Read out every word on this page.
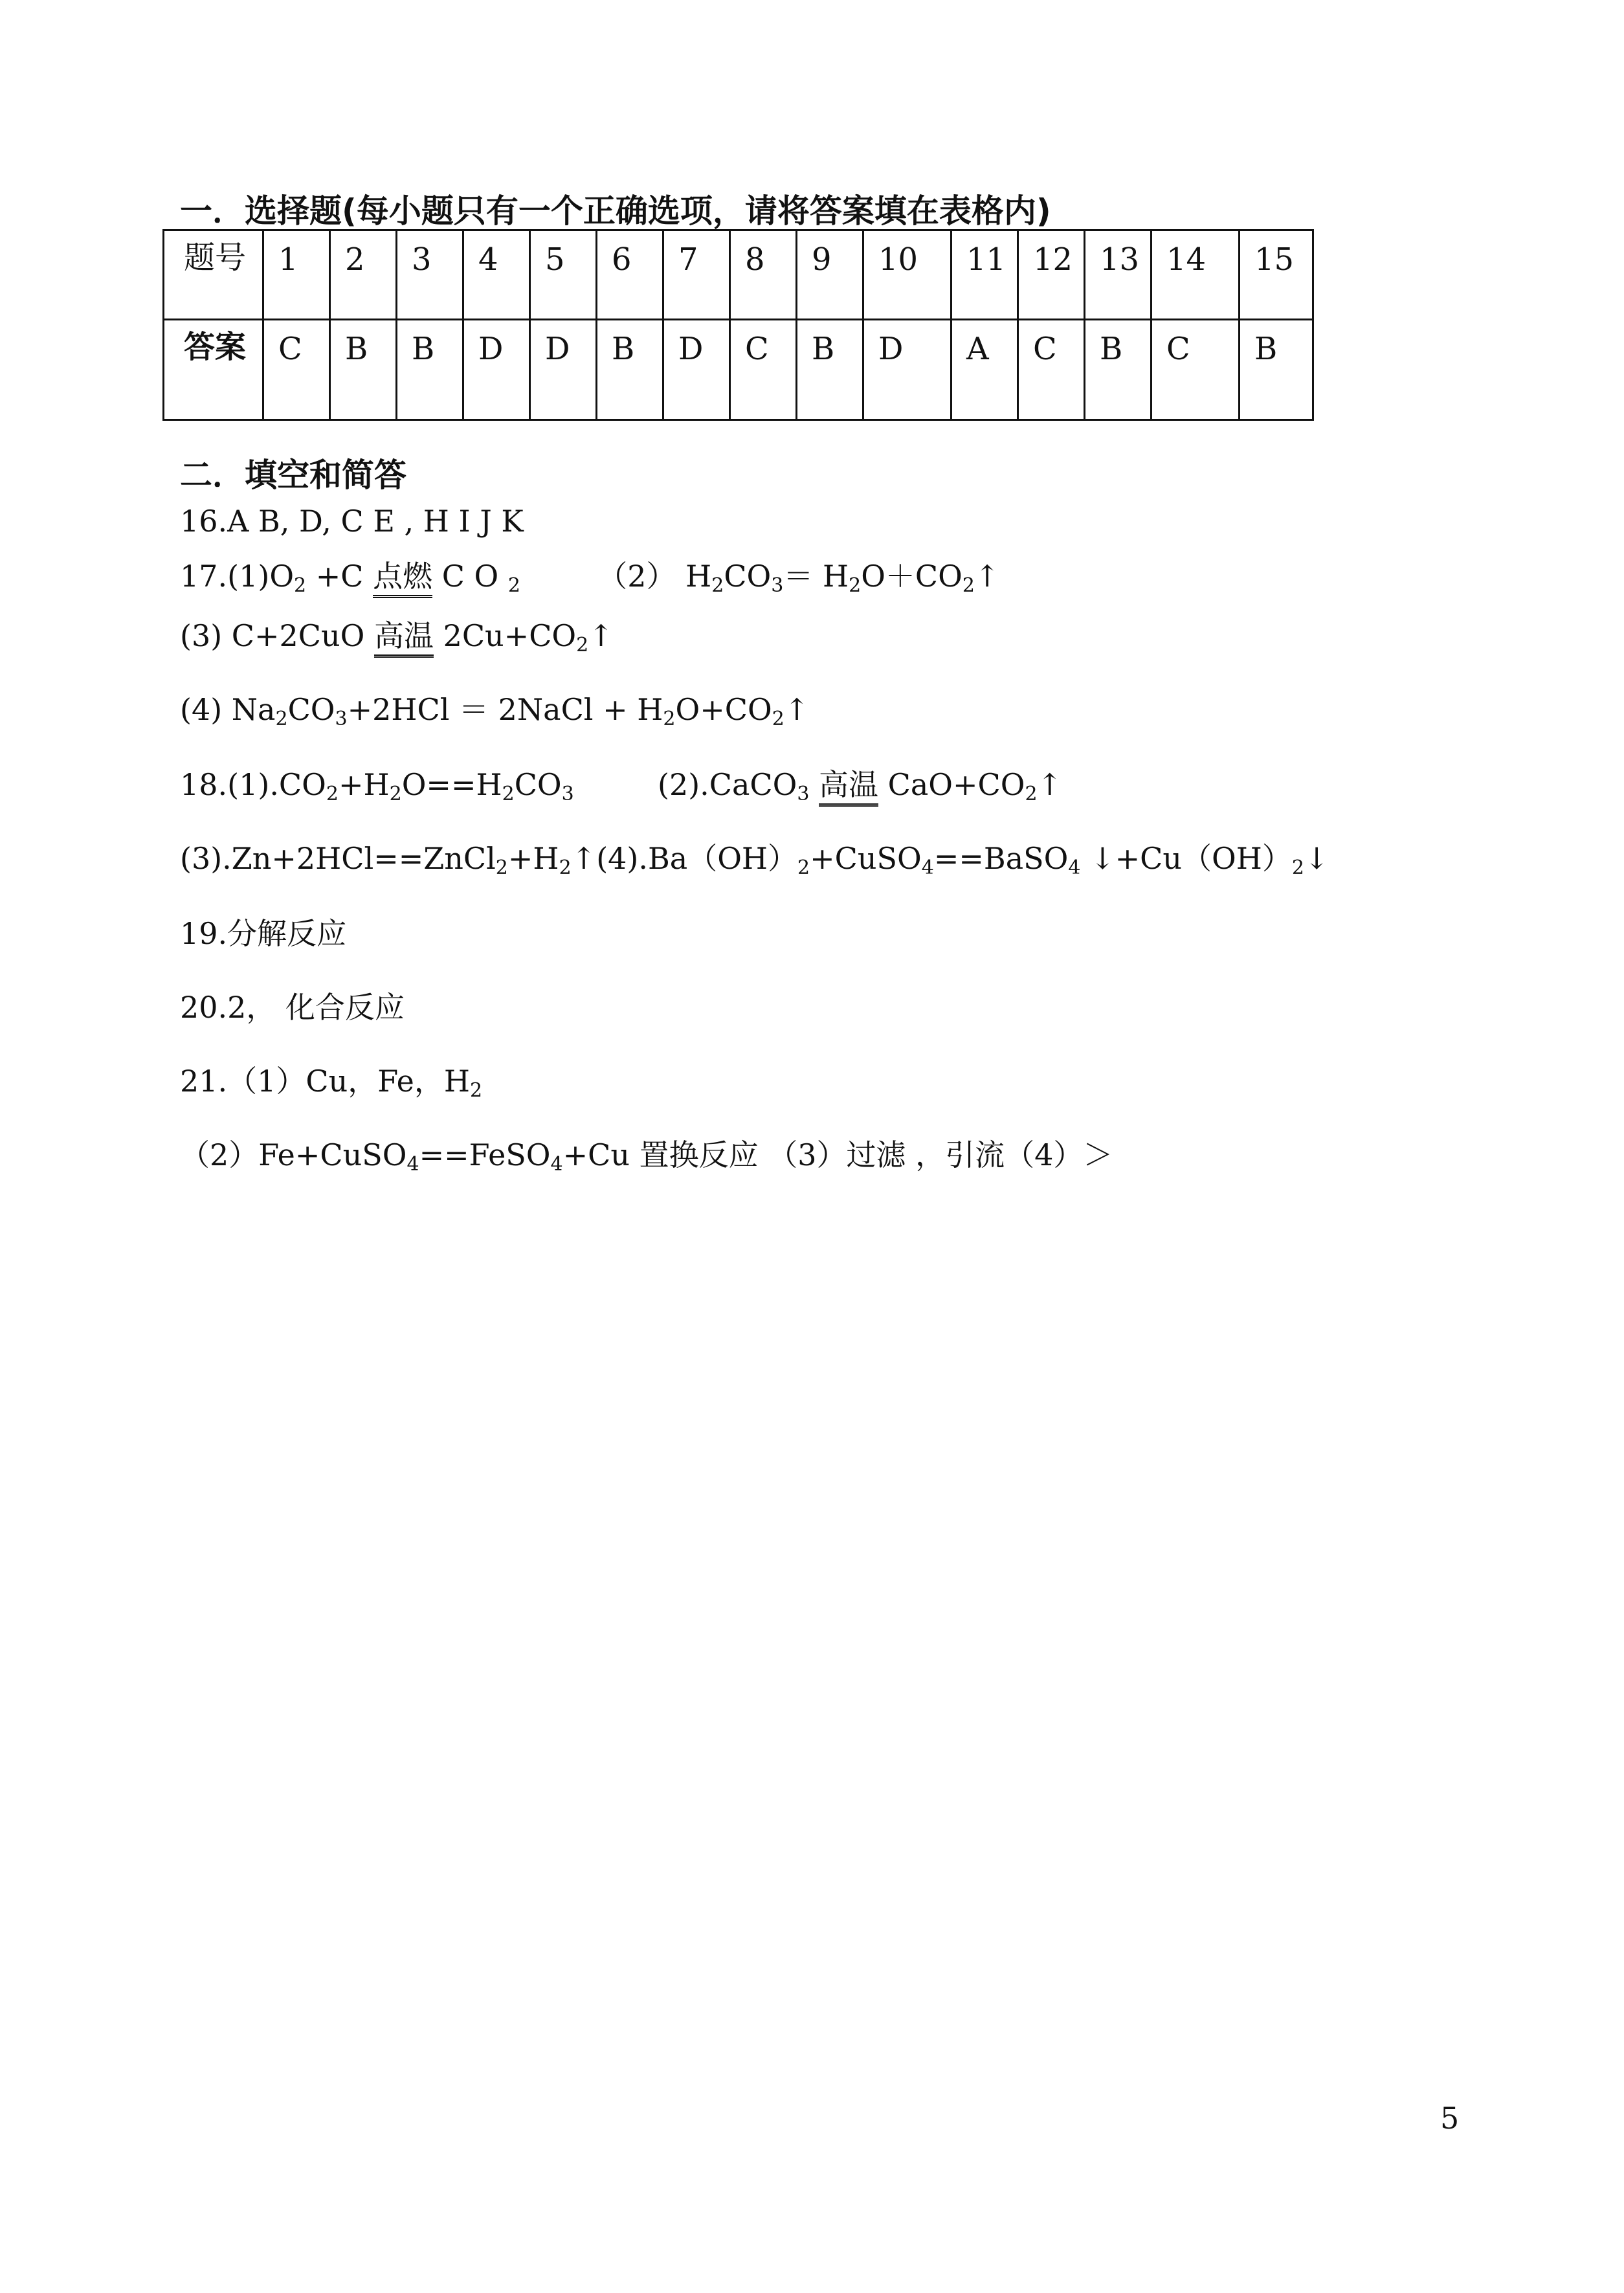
一．选择题(每小题只有一个正确选项，请将答案填在表格内)
题号	1	2	3	4	5	6	7	8	9	10	11	12	13	14	15
答案	C	B	B	D	D	B	D	C	B	D	A	C	B	C	B
二．填空和简答
16.A B, D, C E , H I J K
$17.(1)O_2 +C$ 点燃 C O $_2$	（2） $H_2CO_3=$ $H_2O+CO_2↑$
(3) C+2CuO 高温 $2Cu+CO_2↑$
(4) $Na_2CO_3+2HCl$ ＝ 2NaCl + $H_2O+CO_2↑$
$18.(1).CO_2+H_2O==H_2CO_3$	(2).CaCO$_3$ 高温 $CaO+CO_2↑$
$(3).Zn+2HCl==ZnCl_2+H_2↑(4).Ba(OH)_2+CuSO_4==BaSO_4$ $↓+Cu(OH)_2↓$
19.分解反应
20.2， 化合反应
21.（1）Cu，Fe，$H_2$
（2）Fe+CuSO$_4$==FeSO$_4$+Cu 置换反应 （3）过滤 ，引流（4）＞
5
